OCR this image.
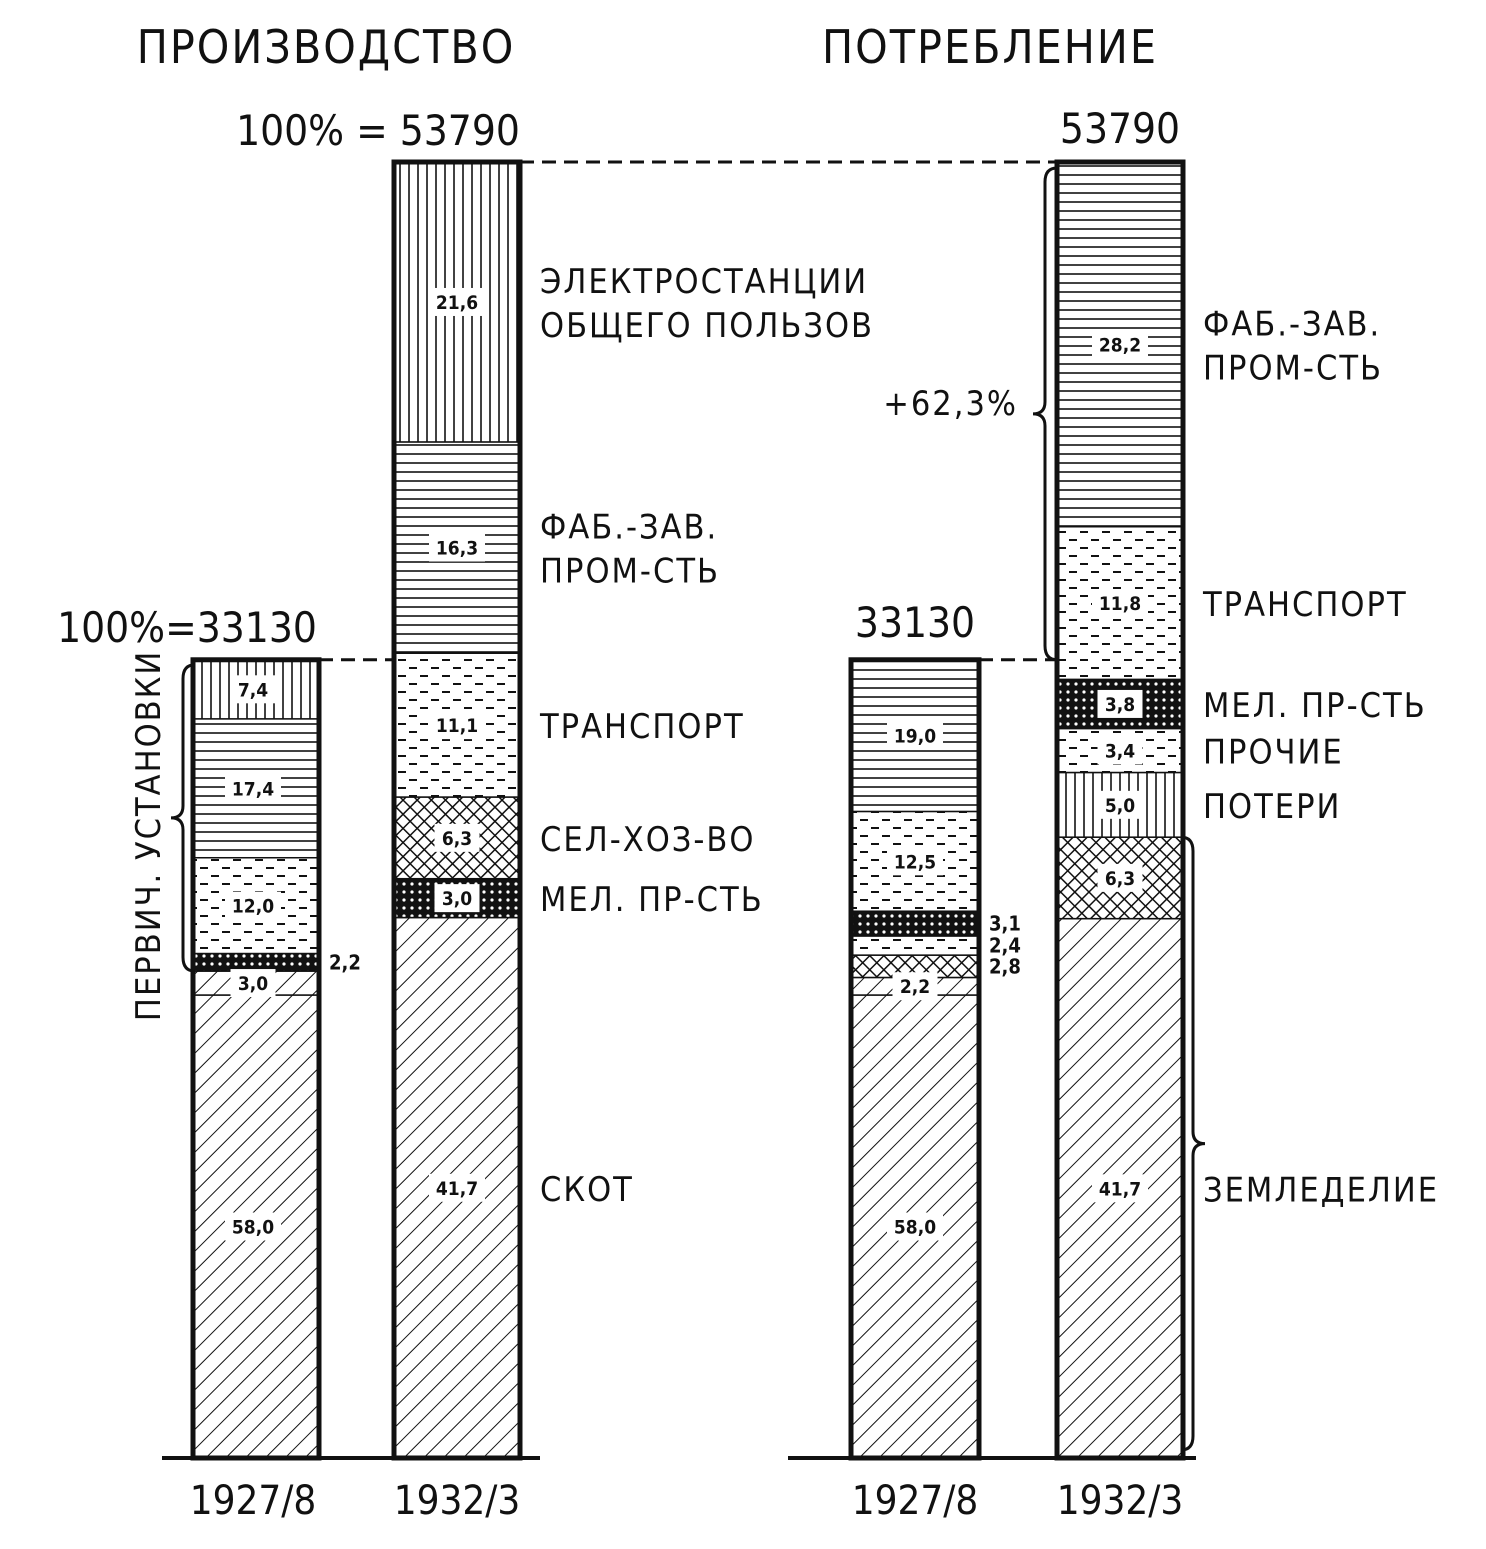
ПРОИЗВОДСТВО	ПОТРЕБЛЕНИЕ
58,0
3,0
2,2
12,0
17,4
7,4
41,7
3,0
6,3
11,1
16,3
21,6
58,0
2,2
2,8
2,4
3,1
12,5
19,0
41,7
6,3
5,0
3,4
3,8
11,8
28,2
100%=33130
1927/8
СКОТ
МЕЛ. ПР-СТЬ
СЕЛ-ХОЗ-ВО
ТРАНСПОРТ
ФАБ.-ЗАВ.
ПРОМ-СТЬ
ЭЛЕКТРОСТАНЦИИ
ОБЩЕГО ПОЛЬЗОВ
100% = 53790
1932/3
33130
1927/8
ЗЕМЛЕДЕЛИЕ
ПОТЕРИ
ПРОЧИЕ
МЕЛ. ПР-СТЬ
ТРАНСПОРТ
ФАБ.-ЗАВ.
ПРОМ-СТЬ
53790
1932/3
ПЕРВИЧ. УСТАНОВКИ
+62,3%
